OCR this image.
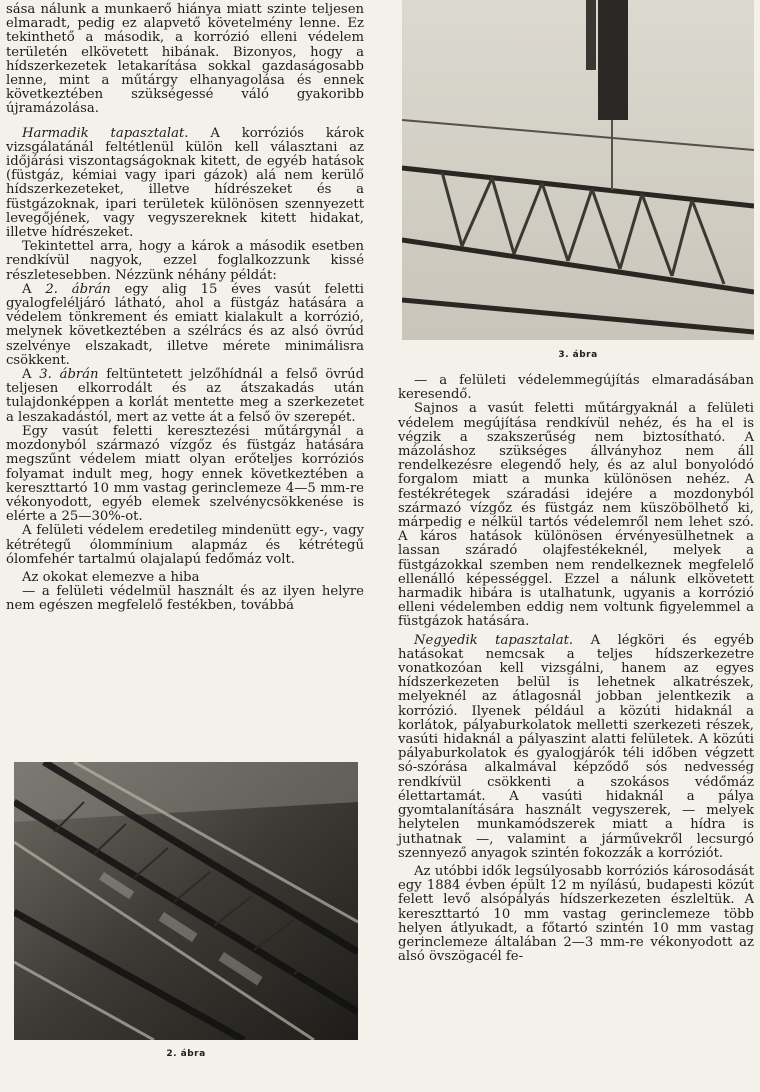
sása nálunk a munkaerő hiánya miatt szinte teljesen elmaradt, pedig ez alapvető követelmény lenne. Ez tekinthető a második, a korrózió elleni védelem területén elkövetett hibának. Bizonyos, hogy a hídszerkezetek letakarítása sokkal gazdaságosabb lenne, mint a műtárgy elhanyagolása és ennek következtében szükségessé váló gyakoribb újramázolása.

Harmadik tapasztalat. A korróziós károk vizsgálatánál feltétlenül külön kell választani az időjárási viszontagságoknak kitett, de egyéb hatások (füstgáz, kémiai vagy ipari gázok) alá nem kerülő hídszerkezeteket, illetve hídrészeket és a füstgázoknak, ipari területek különösen szennyezett levegőjének, vagy vegyszereknek kitett hidakat, illetve hídrészeket.

Tekintettel arra, hogy a károk a második esetben rendkívül nagyok, ezzel foglalkozzunk kissé részletesebben. Nézzünk néhány példát:

A 2. ábrán egy alig 15 éves vasút feletti gyalogfeléljáró látható, ahol a füstgáz hatására a védelem tönkrement és emiatt kialakult a korrózió, melynek következtében a szélrács és az alsó övrúd szelvénye elszakadt, illetve mérete minimálisra csökkent.

A 3. ábrán feltüntetett jelzőhídnál a felső övrúd teljesen elkorrodált és az átszakadás után tulajdonképpen a korlát mentette meg a szerkezetet a leszakadástól, mert az vette át a felső öv szerepét.

Egy vasút feletti keresztezési műtárgynál a mozdonyból származó vízgőz és füstgáz hatására megszűnt védelem miatt olyan erőteljes korróziós folyamat indult meg, hogy ennek következtében a kereszttartó 10 mm vastag gerinclemeze 4—5 mm-re vékonyodott, egyéb elemek szelvénycsökkenése is elérte a 25—30%-ot.

A felületi védelem eredetileg mindenütt egy-, vagy kétrétegű ólommínium alapmáz és kétrétegű ólomfehér tartalmú olajalapú fedőmáz volt.

Az okokat elemezve a hiba

— a felületi védelmül használt és az ilyen helyre nem egészen megfelelő festékben, továbbá

2. ábra
3. ábra

— a felületi védelemmegújítás elmaradásában keresendő.

Sajnos a vasút feletti műtárgyaknál a felületi védelem megújítása rendkívül nehéz, és ha el is végzik a szakszerűség nem biztosítható. A mázoláshoz szükséges állványhoz nem áll rendelkezésre elegendő hely, és az alul bonyolódó forgalom miatt a munka különösen nehéz. A festékrétegek száradási idejére a mozdonyból származó vízgőz és füstgáz nem küszöbölhető ki, márpedig e nélkül tartós védelemről nem lehet szó. A káros hatások különösen érvényesülhetnek a lassan száradó olajfestékeknél, melyek a füstgázokkal szemben nem rendelkeznek megfelelő ellenálló képességgel. Ezzel a nálunk elkövetett harmadik hibára is utalhatunk, ugyanis a korrózió elleni védelemben eddig nem voltunk figyelemmel a füstgázok hatására.

Negyedik tapasztalat. A légköri és egyéb hatásokat nemcsak a teljes hídszerkezetre vonatkozóan kell vizsgálni, hanem az egyes hídszerkezeten belül is lehetnek alkatrészek, melyeknél az átlagosnál jobban jelentkezik a korrózió. Ilyenek például a közúti hidaknál a korlátok, pályaburkolatok melletti szerkezeti részek, vasúti hidaknál a pályaszint alatti felületek. A közúti pályaburkolatok és gyalogjárók téli időben végzett só-szórása alkalmával képződő sós nedvesség rendkívül csökkenti a szokásos védőmáz élettartamát. A vasúti hidaknál a pálya gyomtalanítására használt vegyszerek, — melyek helytelen munkamódszerek miatt a hídra is juthatnak —, valamint a járművekről lecsurgó szennyező anyagok szintén fokozzák a korróziót.

Az utóbbi idők legsúlyosabb korróziós károsodását egy 1884 évben épült 12 m nyílású, budapesti közút felett levő alsópályás hídszerkezeten észleltük. A kereszttartó 10 mm vastag gerinclemeze több helyen átlyukadt, a főtartó szintén 10 mm vastag gerinclemeze általában 2—3 mm-re vékonyodott az alsó övszögacél fe-
